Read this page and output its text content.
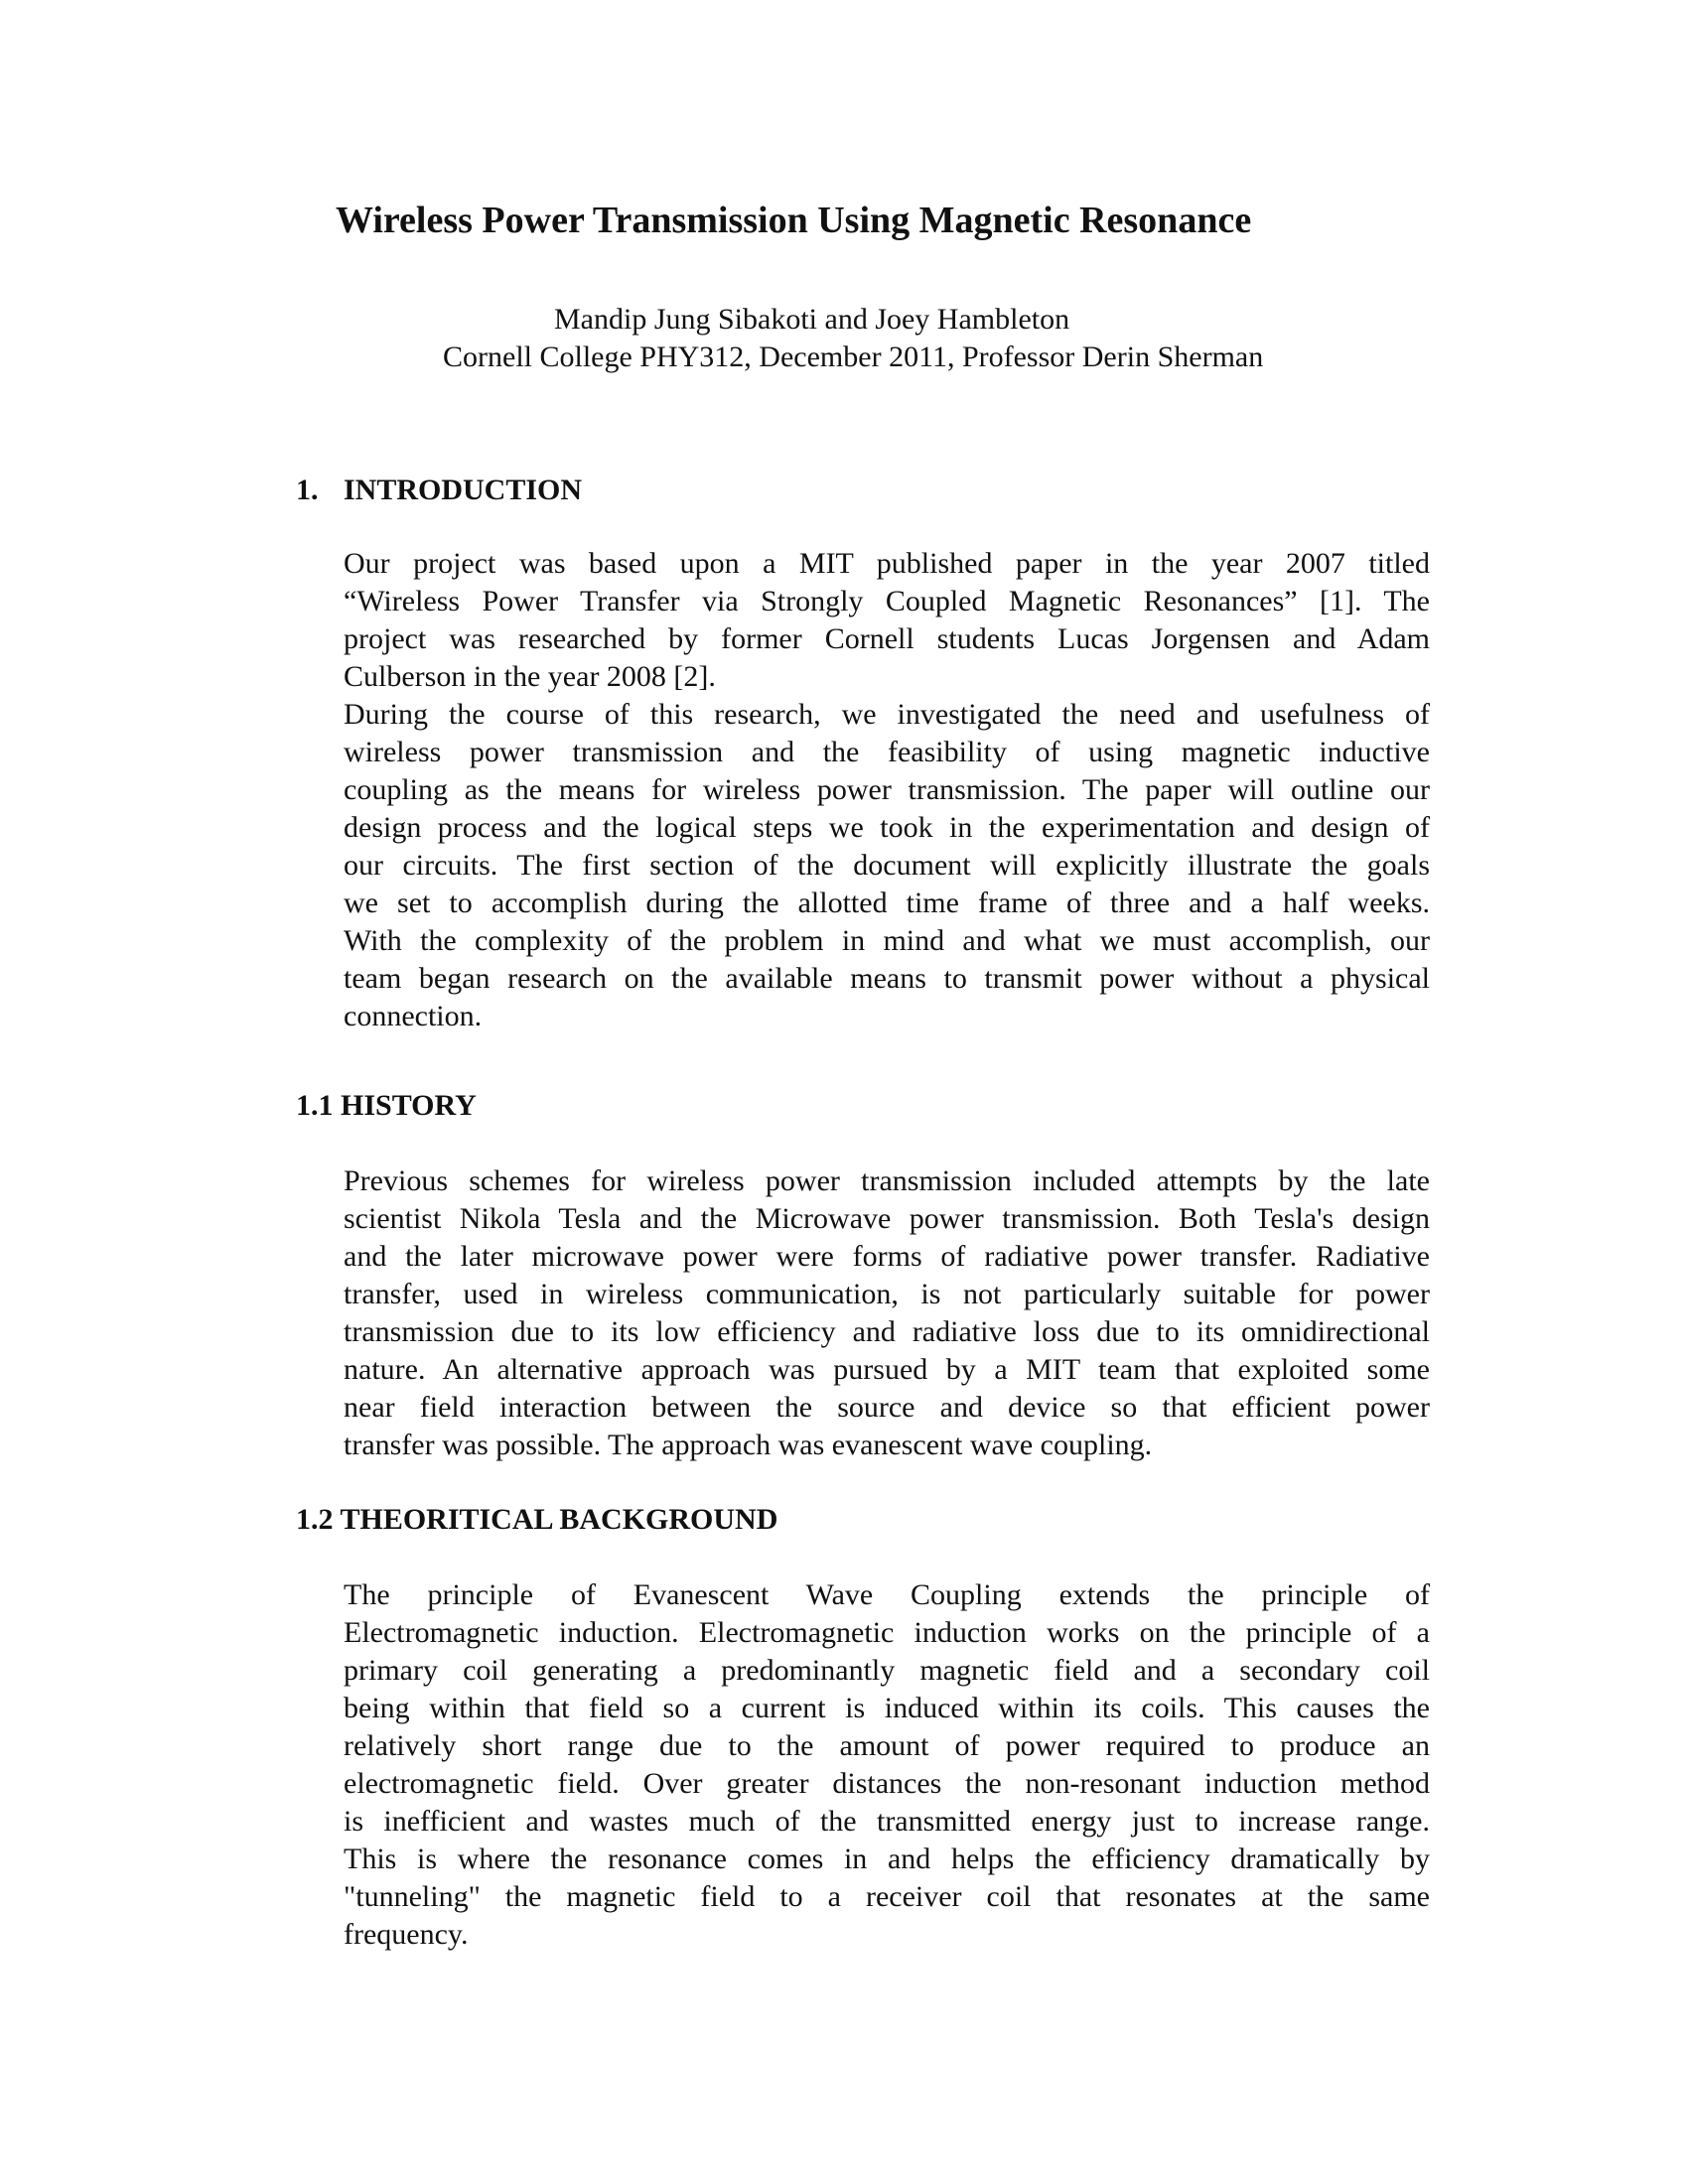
Wireless Power Transmission Using Magnetic Resonance
Mandip Jung Sibakoti and Joey Hambleton
Cornell College PHY312, December 2011, Professor Derin Sherman
1. INTRODUCTION
Our project was based upon a MIT published paper in the year 2007 titled
“Wireless Power Transfer via Strongly Coupled Magnetic Resonances” [1]. The
project was researched by former Cornell students Lucas Jorgensen and Adam
Culberson in the year 2008 [2].
During the course of this research, we investigated the need and usefulness of
wireless power transmission and the feasibility of using magnetic inductive
coupling as the means for wireless power transmission. The paper will outline our
design process and the logical steps we took in the experimentation and design of
our circuits. The first section of the document will explicitly illustrate the goals
we set to accomplish during the allotted time frame of three and a half weeks.
With the complexity of the problem in mind and what we must accomplish, our
team began research on the available means to transmit power without a physical
connection.
1.1 HISTORY
Previous schemes for wireless power transmission included attempts by the late
scientist Nikola Tesla and the Microwave power transmission. Both Tesla's design
and the later microwave power were forms of radiative power transfer. Radiative
transfer, used in wireless communication, is not particularly suitable for power
transmission due to its low efficiency and radiative loss due to its omnidirectional
nature. An alternative approach was pursued by a MIT team that exploited some
near field interaction between the source and device so that efficient power
transfer was possible. The approach was evanescent wave coupling.
1.2 THEORITICAL BACKGROUND
The principle of Evanescent Wave Coupling extends the principle of
Electromagnetic induction. Electromagnetic induction works on the principle of a
primary coil generating a predominantly magnetic field and a secondary coil
being within that field so a current is induced within its coils. This causes the
relatively short range due to the amount of power required to produce an
electromagnetic field. Over greater distances the non-resonant induction method
is inefficient and wastes much of the transmitted energy just to increase range.
This is where the resonance comes in and helps the efficiency dramatically by
"tunneling" the magnetic field to a receiver coil that resonates at the same
frequency.
